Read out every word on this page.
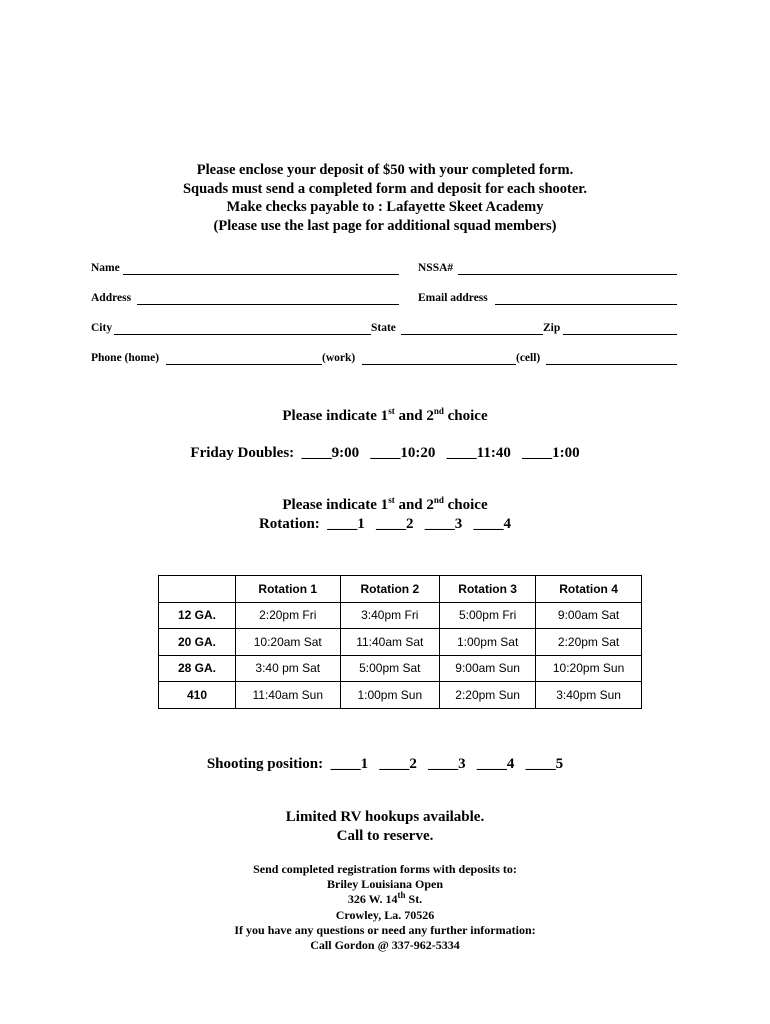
Please enclose your deposit of $50 with your completed form.
Squads must send a completed form and deposit for each shooter.
Make checks payable to : Lafayette Skeet Academy
(Please use the last page for additional squad members)
Name	NSSA#
Address	Email address
City	State	Zip
Phone (home)	(work)	(cell)
Please indicate 1st and 2nd choice
Friday Doubles:  ____9:00 ____10:20 ____11:40 ____1:00
Please indicate 1st and 2nd choice
Rotation:  ____1 ____2 ____3 ____4
	Rotation 1	Rotation 2	Rotation 3	Rotation 4
12 GA.	2:20pm Fri	3:40pm Fri	5:00pm Fri	9:00am Sat
20 GA.	10:20am Sat	11:40am Sat	1:00pm Sat	2:20pm Sat
28 GA.	3:40 pm Sat	5:00pm Sat	9:00am Sun	10:20pm Sun
410	11:40am Sun	1:00pm Sun	2:20pm Sun	3:40pm Sun
Shooting position:  ____1 ____2 ____3 ____4 ____5
Limited RV hookups available.
Call to reserve.
Send completed registration forms with deposits to:
Briley Louisiana Open
326 W. 14th St.
Crowley, La. 70526
If you have any questions or need any further information:
Call Gordon @ 337-962-5334
